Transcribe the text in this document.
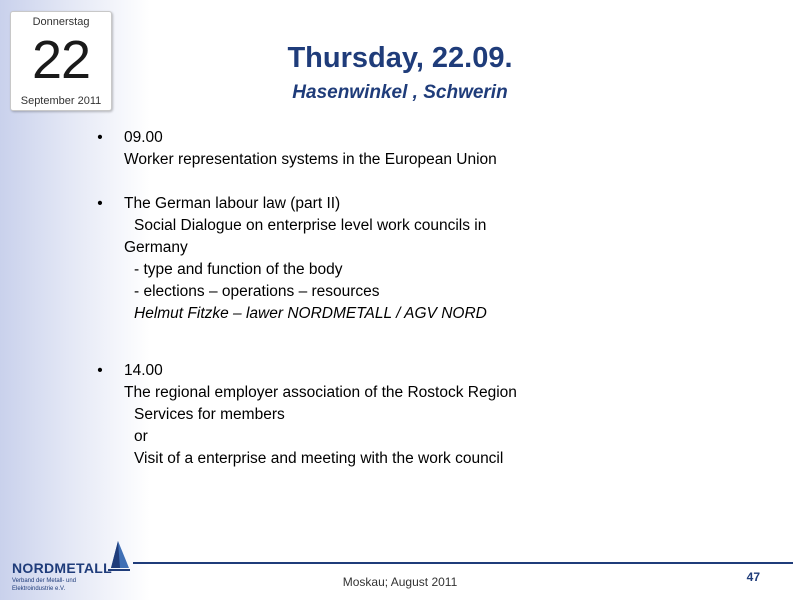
Donnerstag
22
September 2011
Thursday, 22.09.
Hasenwinkel , Schwerin
•	09.00
Worker representation systems in the European Union
•	The German labour law (part II)
Social Dialogue on enterprise level work councils in
Germany
- type and function of the body
- elections – operations – resources
Helmut Fitzke – lawer NORDMETALL / AGV NORD
•	14.00
The regional employer association of the Rostock Region
Services for members
or
Visit of a enterprise and meeting with the work council
NORDMETALL
Verband der Metall- und
Elektroindustrie e.V.	Moskau; August 2011	47
